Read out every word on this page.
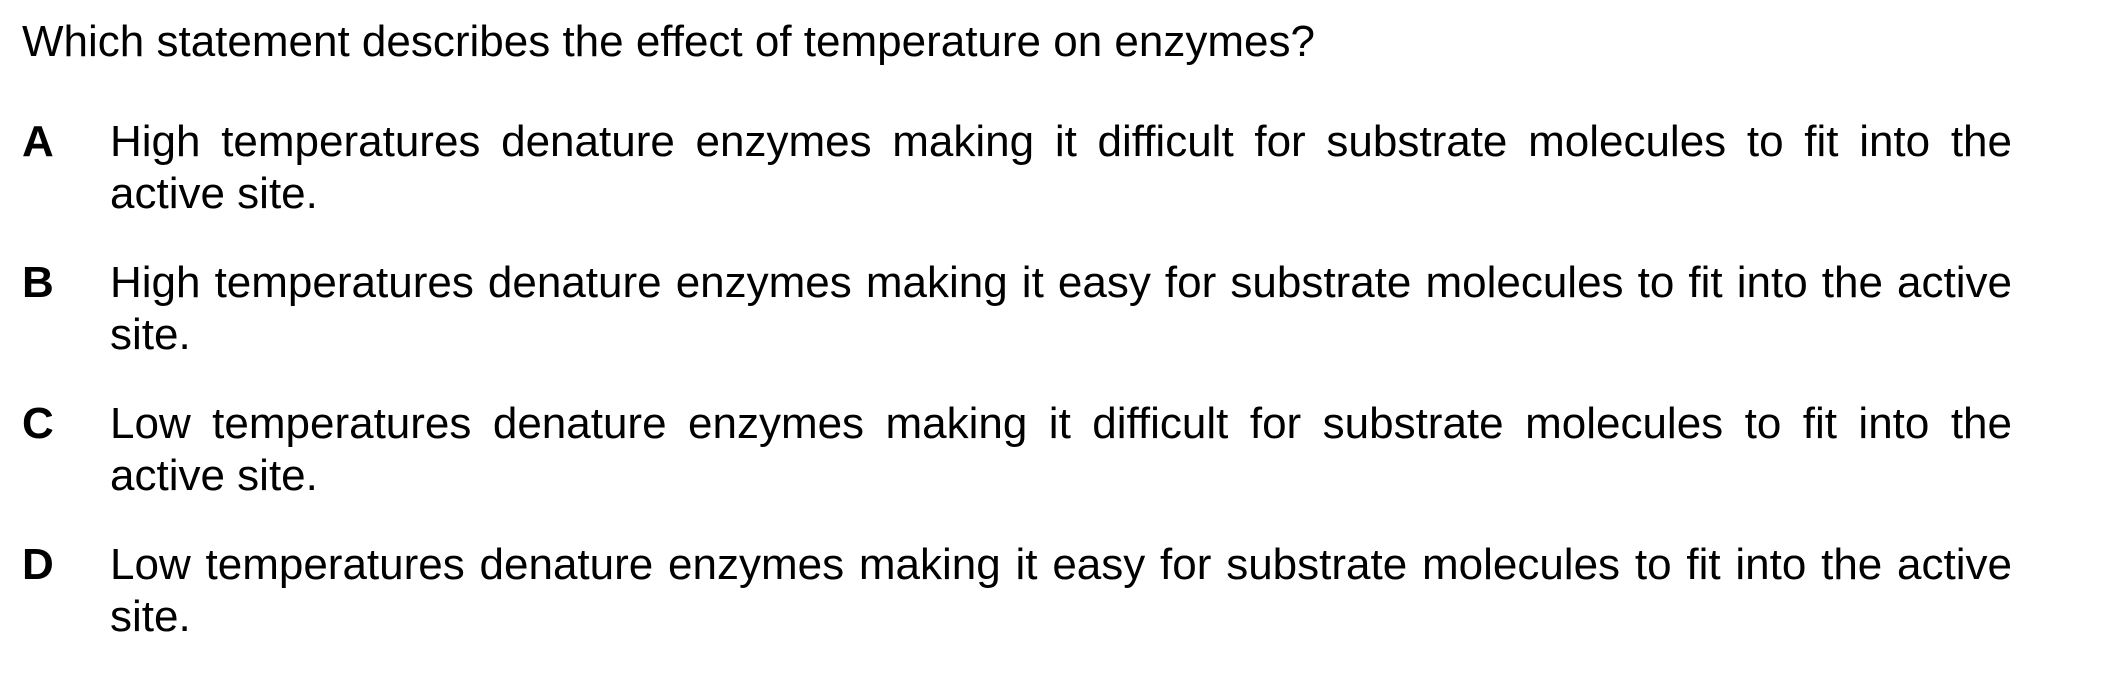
Which statement describes the effect of temperature on enzymes?
A	High temperatures denature enzymes making it difficult for substrate molecules to fit into the active site.
B	High temperatures denature enzymes making it easy for substrate molecules to fit into the active site.
C	Low temperatures denature enzymes making it difficult for substrate molecules to fit into the active site.
D	Low temperatures denature enzymes making it easy for substrate molecules to fit into the active site.
